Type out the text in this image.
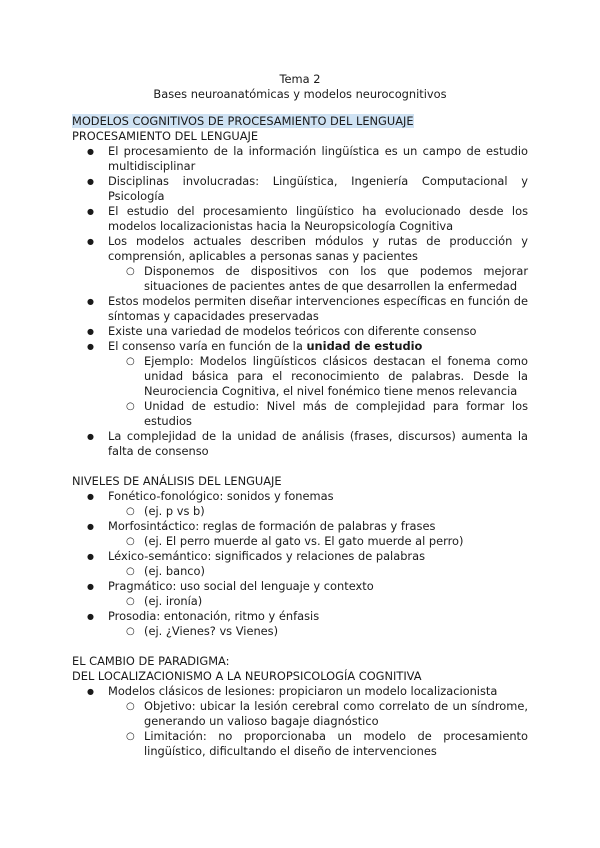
Tema 2
Bases neuroanatómicas y modelos neurocognitivos
MODELOS COGNITIVOS DE PROCESAMIENTO DEL LENGUAJE
PROCESAMIENTO DEL LENGUAJE
● El procesamiento de la información lingüística es un campo de estudio multidisciplinar
● Disciplinas involucradas: Lingüística, Ingeniería Computacional y Psicología
● El estudio del procesamiento lingüístico ha evolucionado desde los modelos localizacionistas hacia la Neuropsicología Cognitiva
● Los modelos actuales describen módulos y rutas de producción y comprensión, aplicables a personas sanas y pacientes
○ Disponemos de dispositivos con los que podemos mejorar situaciones de pacientes antes de que desarrollen la enfermedad
● Estos modelos permiten diseñar intervenciones específicas en función de síntomas y capacidades preservadas
● Existe una variedad de modelos teóricos con diferente consenso
● El consenso varía en función de la unidad de estudio
○ Ejemplo: Modelos lingüísticos clásicos destacan el fonema como unidad básica para el reconocimiento de palabras. Desde la Neurociencia Cognitiva, el nivel fonémico tiene menos relevancia
○ Unidad de estudio: Nivel más de complejidad para formar los estudios
● La complejidad de la unidad de análisis (frases, discursos) aumenta la falta de consenso
NIVELES DE ANÁLISIS DEL LENGUAJE
● Fonético-fonológico: sonidos y fonemas
○ (ej. p vs b)
● Morfosintáctico: reglas de formación de palabras y frases
○ (ej. El perro muerde al gato vs. El gato muerde al perro)
● Léxico-semántico: significados y relaciones de palabras
○ (ej. banco)
● Pragmático: uso social del lenguaje y contexto
○ (ej. ironía)
● Prosodia: entonación, ritmo y énfasis
○ (ej. ¿Vienes? vs Vienes)
EL CAMBIO DE PARADIGMA:
DEL LOCALIZACIONISMO A LA NEUROPSICOLOGÍA COGNITIVA
● Modelos clásicos de lesiones: propiciaron un modelo localizacionista
○ Objetivo: ubicar la lesión cerebral como correlato de un síndrome, generando un valioso bagaje diagnóstico
○ Limitación: no proporcionaba un modelo de procesamiento lingüístico, dificultando el diseño de intervenciones
